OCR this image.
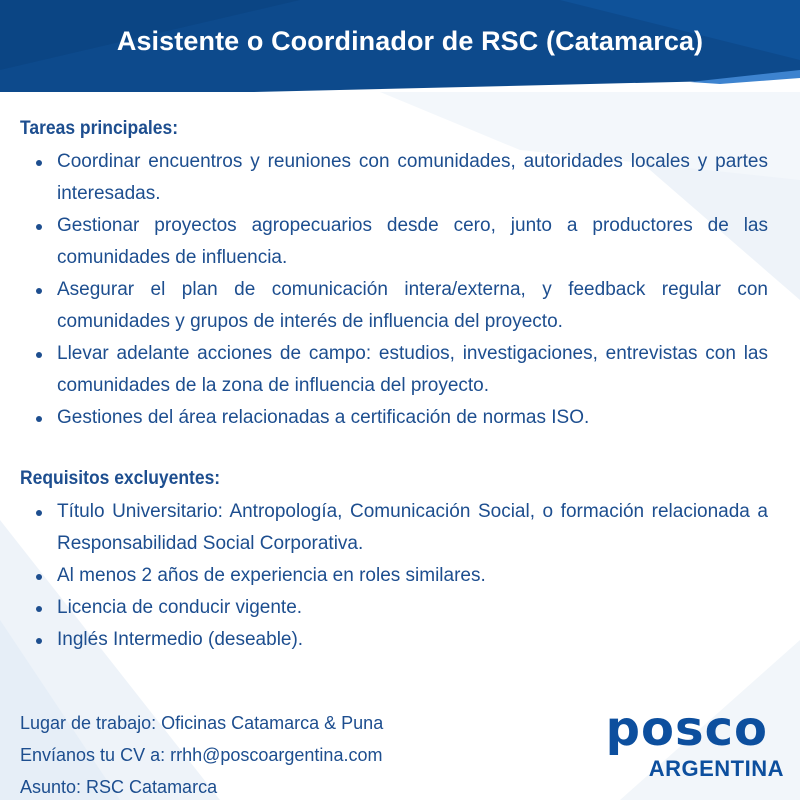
Asistente o Coordinador de RSC (Catamarca)
Tareas principales:
Coordinar encuentros y reuniones con comunidades, autoridades locales y partes interesadas.
Gestionar proyectos agropecuarios desde cero, junto a productores de las comunidades de influencia.
Asegurar el plan de comunicación intera/externa, y feedback regular con comunidades y grupos de interés de influencia del proyecto.
Llevar adelante acciones de campo: estudios, investigaciones, entrevistas con las comunidades de la zona de influencia del proyecto.
Gestiones del área relacionadas a certificación de normas ISO.
Requisitos excluyentes:
Título Universitario: Antropología, Comunicación Social, o formación relacionada a Responsabilidad Social Corporativa.
Al menos 2 años de experiencia en roles similares.
Licencia de conducir vigente.
Inglés Intermedio (deseable).

Lugar de trabajo: Oficinas Catamarca & Puna

Envíanos tu CV a: rrhh@poscoargentina.com

Asunto: RSC Catamarca

posco
ARGENTINA
